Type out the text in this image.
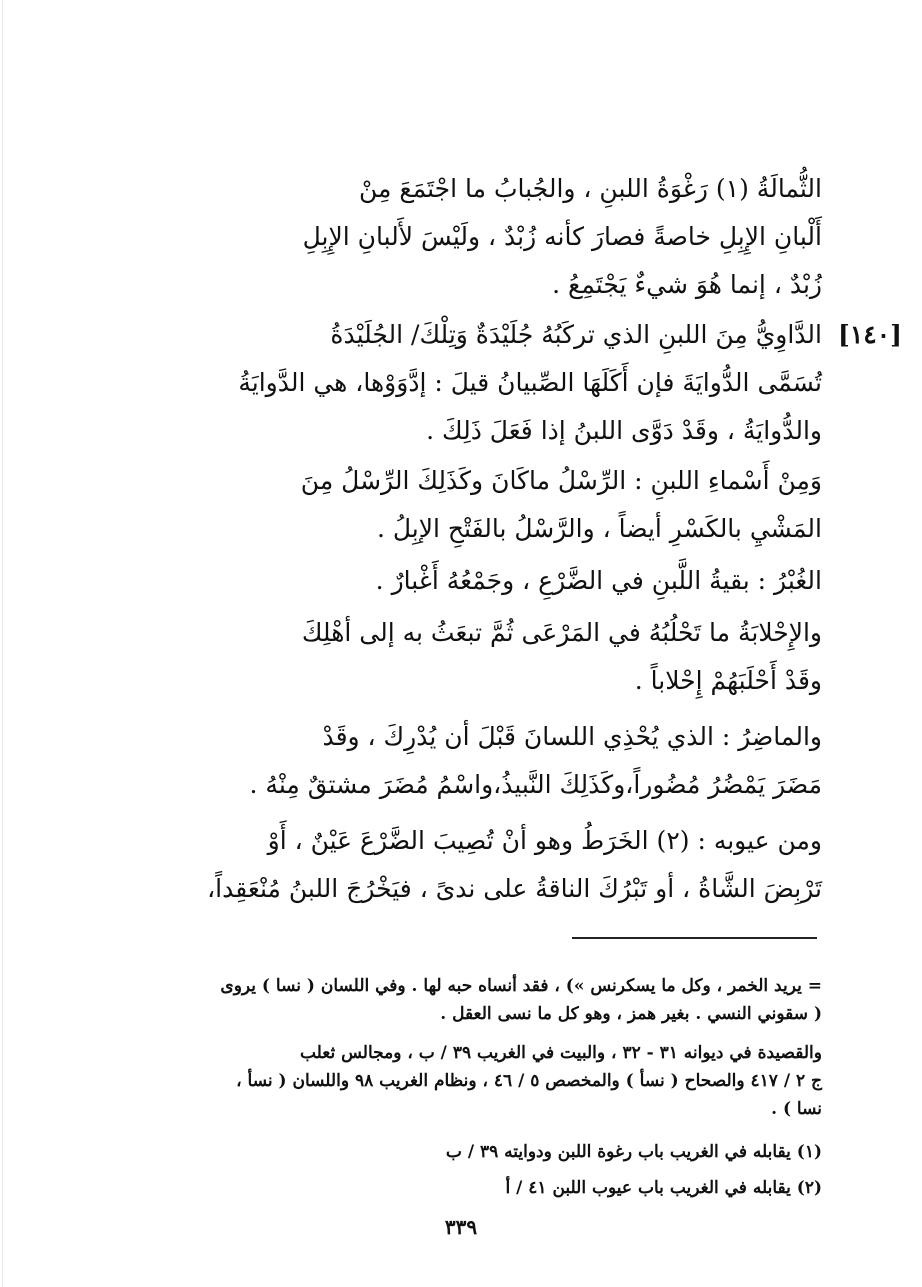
[١٤٠]

الثُّمالَةُ (١) رَغْوَةُ اللبنِ ، والجُبابُ ما اجْتَمَعَ مِنْ

أَلْبانِ الإِبِلِ خاصةً فصارَ كأنه زُبْدٌ ، ولَيْسَ لأَلبانِ الإِبِلِ

زُبْدٌ ، إنما هُوَ شيءٌ يَجْتَمِعُ .

الدَّاوِيُّ مِنَ اللبنِ الذي تركَبُهُ جُلَيْدَةٌ وَتِلْكَ/ الجُلَيْدَةُ

تُسَمَّى الدُّوايَةَ فإن أَكَلَهَا الصِّبيانُ قيلَ : إدَّوَوْها، هي الدَّوايَةُ

والدُّوايَةُ ، وقَدْ دَوَّى اللبنُ إذا فَعَلَ ذَلِكَ .

وَمِنْ أَسْماءِ اللبنِ : الرِّسْلُ ماكَانَ وكَذَلِكَ الرِّسْلُ مِنَ

المَشْيِ بالكَسْرِ أيضاً ، والرَّسْلُ بالفَتْحِ الإبِلُ .

الغُبْرُ : بقيةُ اللَّبنِ في الضَّرْعِ ، وجَمْعُهُ أَغْبارٌ .

والإِحْلابَةُ ما تَحْلُبُهُ في المَرْعَى ثُمَّ تبعَثُ به إلى أهْلِكَ

وقَدْ أَحْلَبَهُمْ إِحْلاباً .

والماضِرُ : الذي يُحْذِي اللسانَ قَبْلَ أن يُدْرِكَ ، وقَدْ

مَضَرَ يَمْضُرُ مُضُوراً،وكَذَلِكَ النَّبيذُ،واسْمُ مُضَرَ مشتقٌ مِنْهُ .

ومن عيوبه : (٢) الخَرَطُ وهو أنْ تُصِيبَ الضَّرْعَ عَيْنٌ ، أَوْ

تَرْبِضَ الشَّاةُ ، أو تَبْرُكَ الناقةُ على ندىً ، فيَخْرُجَ اللبنُ مُنْعَقِداً،

= يريد الخمر ، وكل ما يسكرنس ») ، فقد أنساه حبه لها . وفي اللسان ( نسا ) يروى

( سقوني النسي . بغير همز ، وهو كل ما نسى العقل .

والقصيدة في ديوانه ٣١ - ٣٢ ، والبيت في الغريب ٣٩ / ب ، ومجالس ثعلب

ج ٢ / ٤١٧ والصحاح ( نسأ ) والمخصص ٥ / ٤٦ ، ونظام الغريب ٩٨ واللسان ( نسأ ،

نسا ) .

(١) يقابله في الغريب باب رغوة اللبن ودوايته ٣٩ / ب

(٢) يقابله في الغريب باب عيوب اللبن ٤١ / أ

٣٣٩
